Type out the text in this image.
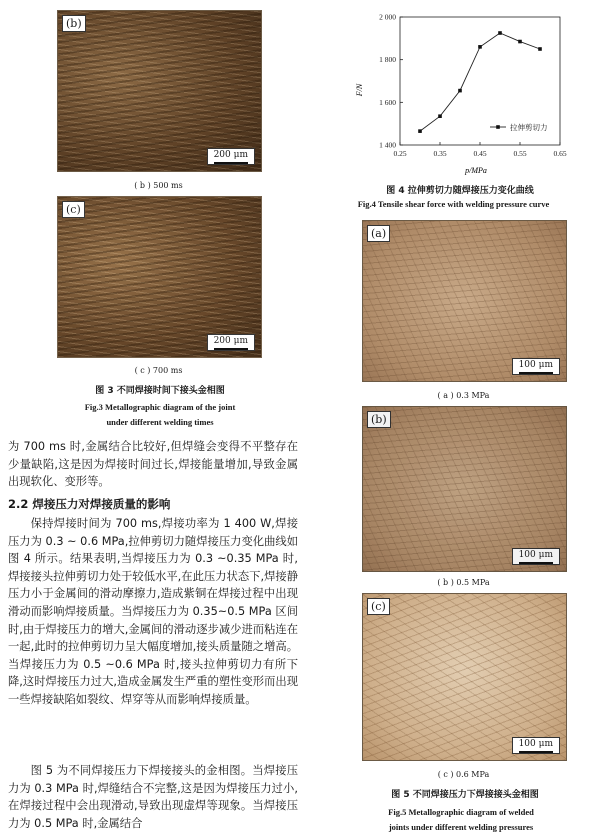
(b)
200 μm
( b ) 500 ms
(c)
200 μm
( c ) 700 ms
图 3 不同焊接时间下接头金相图
Fig.3 Metallographic diagram of the joint
under different welding times

为 700 ms 时,金属结合比较好,但焊缝会变得不平整存在少量缺陷,这是因为焊接时间过长,焊接能量增加,导致金属出现软化、变形等。

2.2 焊接压力对焊接质量的影响

保持焊接时间为 700 ms,焊接功率为 1 400 W,焊接压力为 0.3 ~ 0.6 MPa,拉伸剪切力随焊接压力变化曲线如图 4 所示。结果表明,当焊接压力为 0.3 ~0.35 MPa 时,焊接接头拉伸剪切力处于较低水平,在此压力状态下,焊接静压力小于金属间的滑动摩擦力,造成紫铜在焊接过程中出现滑动而影响焊接质量。当焊接压力为 0.35~0.5 MPa 区间时,由于焊接压力的增大,金属间的滑动逐步减少进而粘连在一起,此时的拉伸剪切力呈大幅度增加,接头质量随之增高。当焊接压力为 0.5 ~0.6 MPa 时,接头拉伸剪切力有所下降,这时焊接压力过大,造成金属发生严重的塑性变形而出现一些焊接缺陷如裂纹、焊穿等从而影响焊接质量。

图 5 为不同焊接压力下焊接接头的金相图。当焊接压力为 0.3 MPa 时,焊缝结合不完整,这是因为焊接压力过小,在焊接过程中会出现滑动,导致出现虚焊等现象。当焊接压力为 0.5 MPa 时,金属结合

0.25	0.35	0.45	0.55	0.65
1 400
1 600
1 800
2 000
拉伸剪切力
F/N
p/MPa
图 4 拉伸剪切力随焊接压力变化曲线
Fig.4 Tensile shear force with welding pressure curve
(a)
100 μm
( a ) 0.3 MPa
(b)
100 μm
( b ) 0.5 MPa
(c)
100 μm
( c ) 0.6 MPa
图 5 不同焊接压力下焊接接头金相图
Fig.5 Metallographic diagram of welded
joints under different welding pressures
